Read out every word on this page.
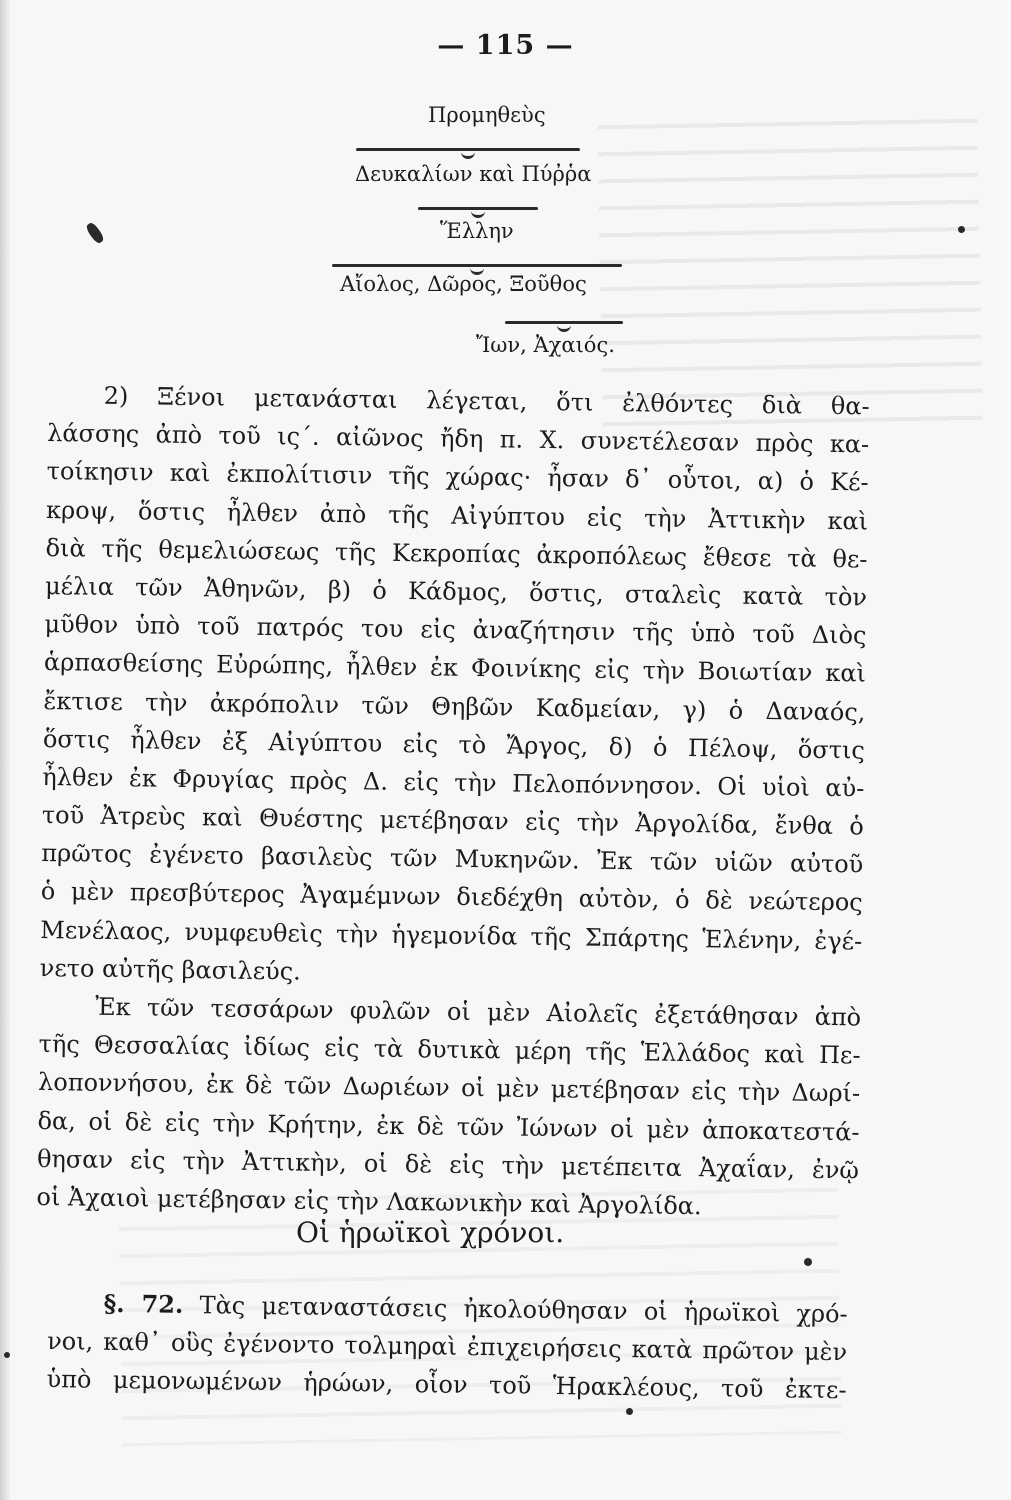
— 115 —
Προμηθεὺς
Δευκαλίων καὶ Πύῤῥα
Ἕλλην
Αἴολος, Δῶρος, Ξοῦθος
Ἴων, Ἀχαιός.
2) Ξένοι μετανάσται λέγεται, ὅτι ἐλθόντες διὰ θα-
λάσσης ἀπὸ τοῦ ις΄. αἰῶνος ἤδη π. Χ. συνετέλεσαν πρὸς κα-
τοίκησιν καὶ ἐκπολίτισιν τῆς χώρας· ἦσαν δ᾽ οὗτοι, α) ὁ Κέ-
κροψ, ὅστις ἦλθεν ἀπὸ τῆς Αἰγύπτου εἰς τὴν Ἀττικὴν καὶ
διὰ τῆς θεμελιώσεως τῆς Κεκροπίας ἀκροπόλεως ἔθεσε τὰ θε-
μέλια τῶν Ἀθηνῶν, β) ὁ Κάδμος, ὅστις, σταλεὶς κατὰ τὸν
μῦθον ὑπὸ τοῦ πατρός του εἰς ἀναζήτησιν τῆς ὑπὸ τοῦ Διὸς
ἁρπασθείσης Εὐρώπης, ἦλθεν ἐκ Φοινίκης εἰς τὴν Βοιωτίαν καὶ
ἔκτισε τὴν ἀκρόπολιν τῶν Θηβῶν Καδμείαν, γ) ὁ Δαναός,
ὅστις ἦλθεν ἐξ Αἰγύπτου εἰς τὸ Ἄργος, δ) ὁ Πέλοψ, ὅστις
ἦλθεν ἐκ Φρυγίας πρὸς Δ. εἰς τὴν Πελοπόννησον. Οἱ υἱοὶ αὐ-
τοῦ Ἀτρεὺς καὶ Θυέστης μετέβησαν εἰς τὴν Ἀργολίδα, ἔνθα ὁ
πρῶτος ἐγένετο βασιλεὺς τῶν Μυκηνῶν. Ἐκ τῶν υἱῶν αὐτοῦ
ὁ μὲν πρεσβύτερος Ἀγαμέμνων διεδέχθη αὐτὸν, ὁ δὲ νεώτερος
Μενέλαος, νυμφευθεὶς τὴν ἡγεμονίδα τῆς Σπάρτης Ἑλένην, ἐγέ-
νετο αὐτῆς βασιλεύς.
Ἐκ τῶν τεσσάρων φυλῶν οἱ μὲν Αἰολεῖς ἐξετάθησαν ἀπὸ
τῆς Θεσσαλίας ἰδίως εἰς τὰ δυτικὰ μέρη τῆς Ἑλλάδος καὶ Πε-
λοποννήσου, ἐκ δὲ τῶν Δωριέων οἱ μὲν μετέβησαν εἰς τὴν Δωρί-
δα, οἱ δὲ εἰς τὴν Κρήτην, ἐκ δὲ τῶν Ἰώνων οἱ μὲν ἀποκατεστά-
θησαν εἰς τὴν Ἀττικὴν, οἱ δὲ εἰς τὴν μετέπειτα Ἀχαΐαν, ἐνῷ
οἱ Ἀχαιοὶ μετέβησαν εἰς τὴν Λακωνικὴν καὶ Ἀργολίδα.
Οἱ ἡρωϊκοὶ χρόνοι.
§. 72. Τὰς μεταναστάσεις ἠκολούθησαν οἱ ἡρωϊκοὶ χρό-
νοι, καθ᾽ οὓς ἐγένοντο τολμηραὶ ἐπιχειρήσεις κατὰ πρῶτον μὲν
ὑπὸ μεμονωμένων ἡρώων, οἷον τοῦ Ἡρακλέους, τοῦ ἐκτε-
